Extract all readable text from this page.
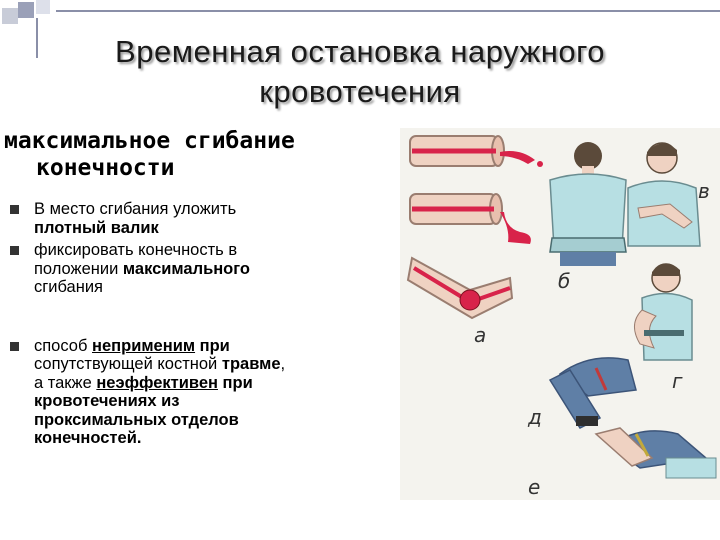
Временная остановка наружного
кровотечения
максимальное сгибание
конечности
В место сгибания уложить
плотный валик
фиксировать конечность в
положении максимального
сгибания
способ неприменим при
сопутствующей костной травме,
а также неэффективен при
кровотечениях из
проксимальных отделов
конечностей.
а
б
в
г
д
е
